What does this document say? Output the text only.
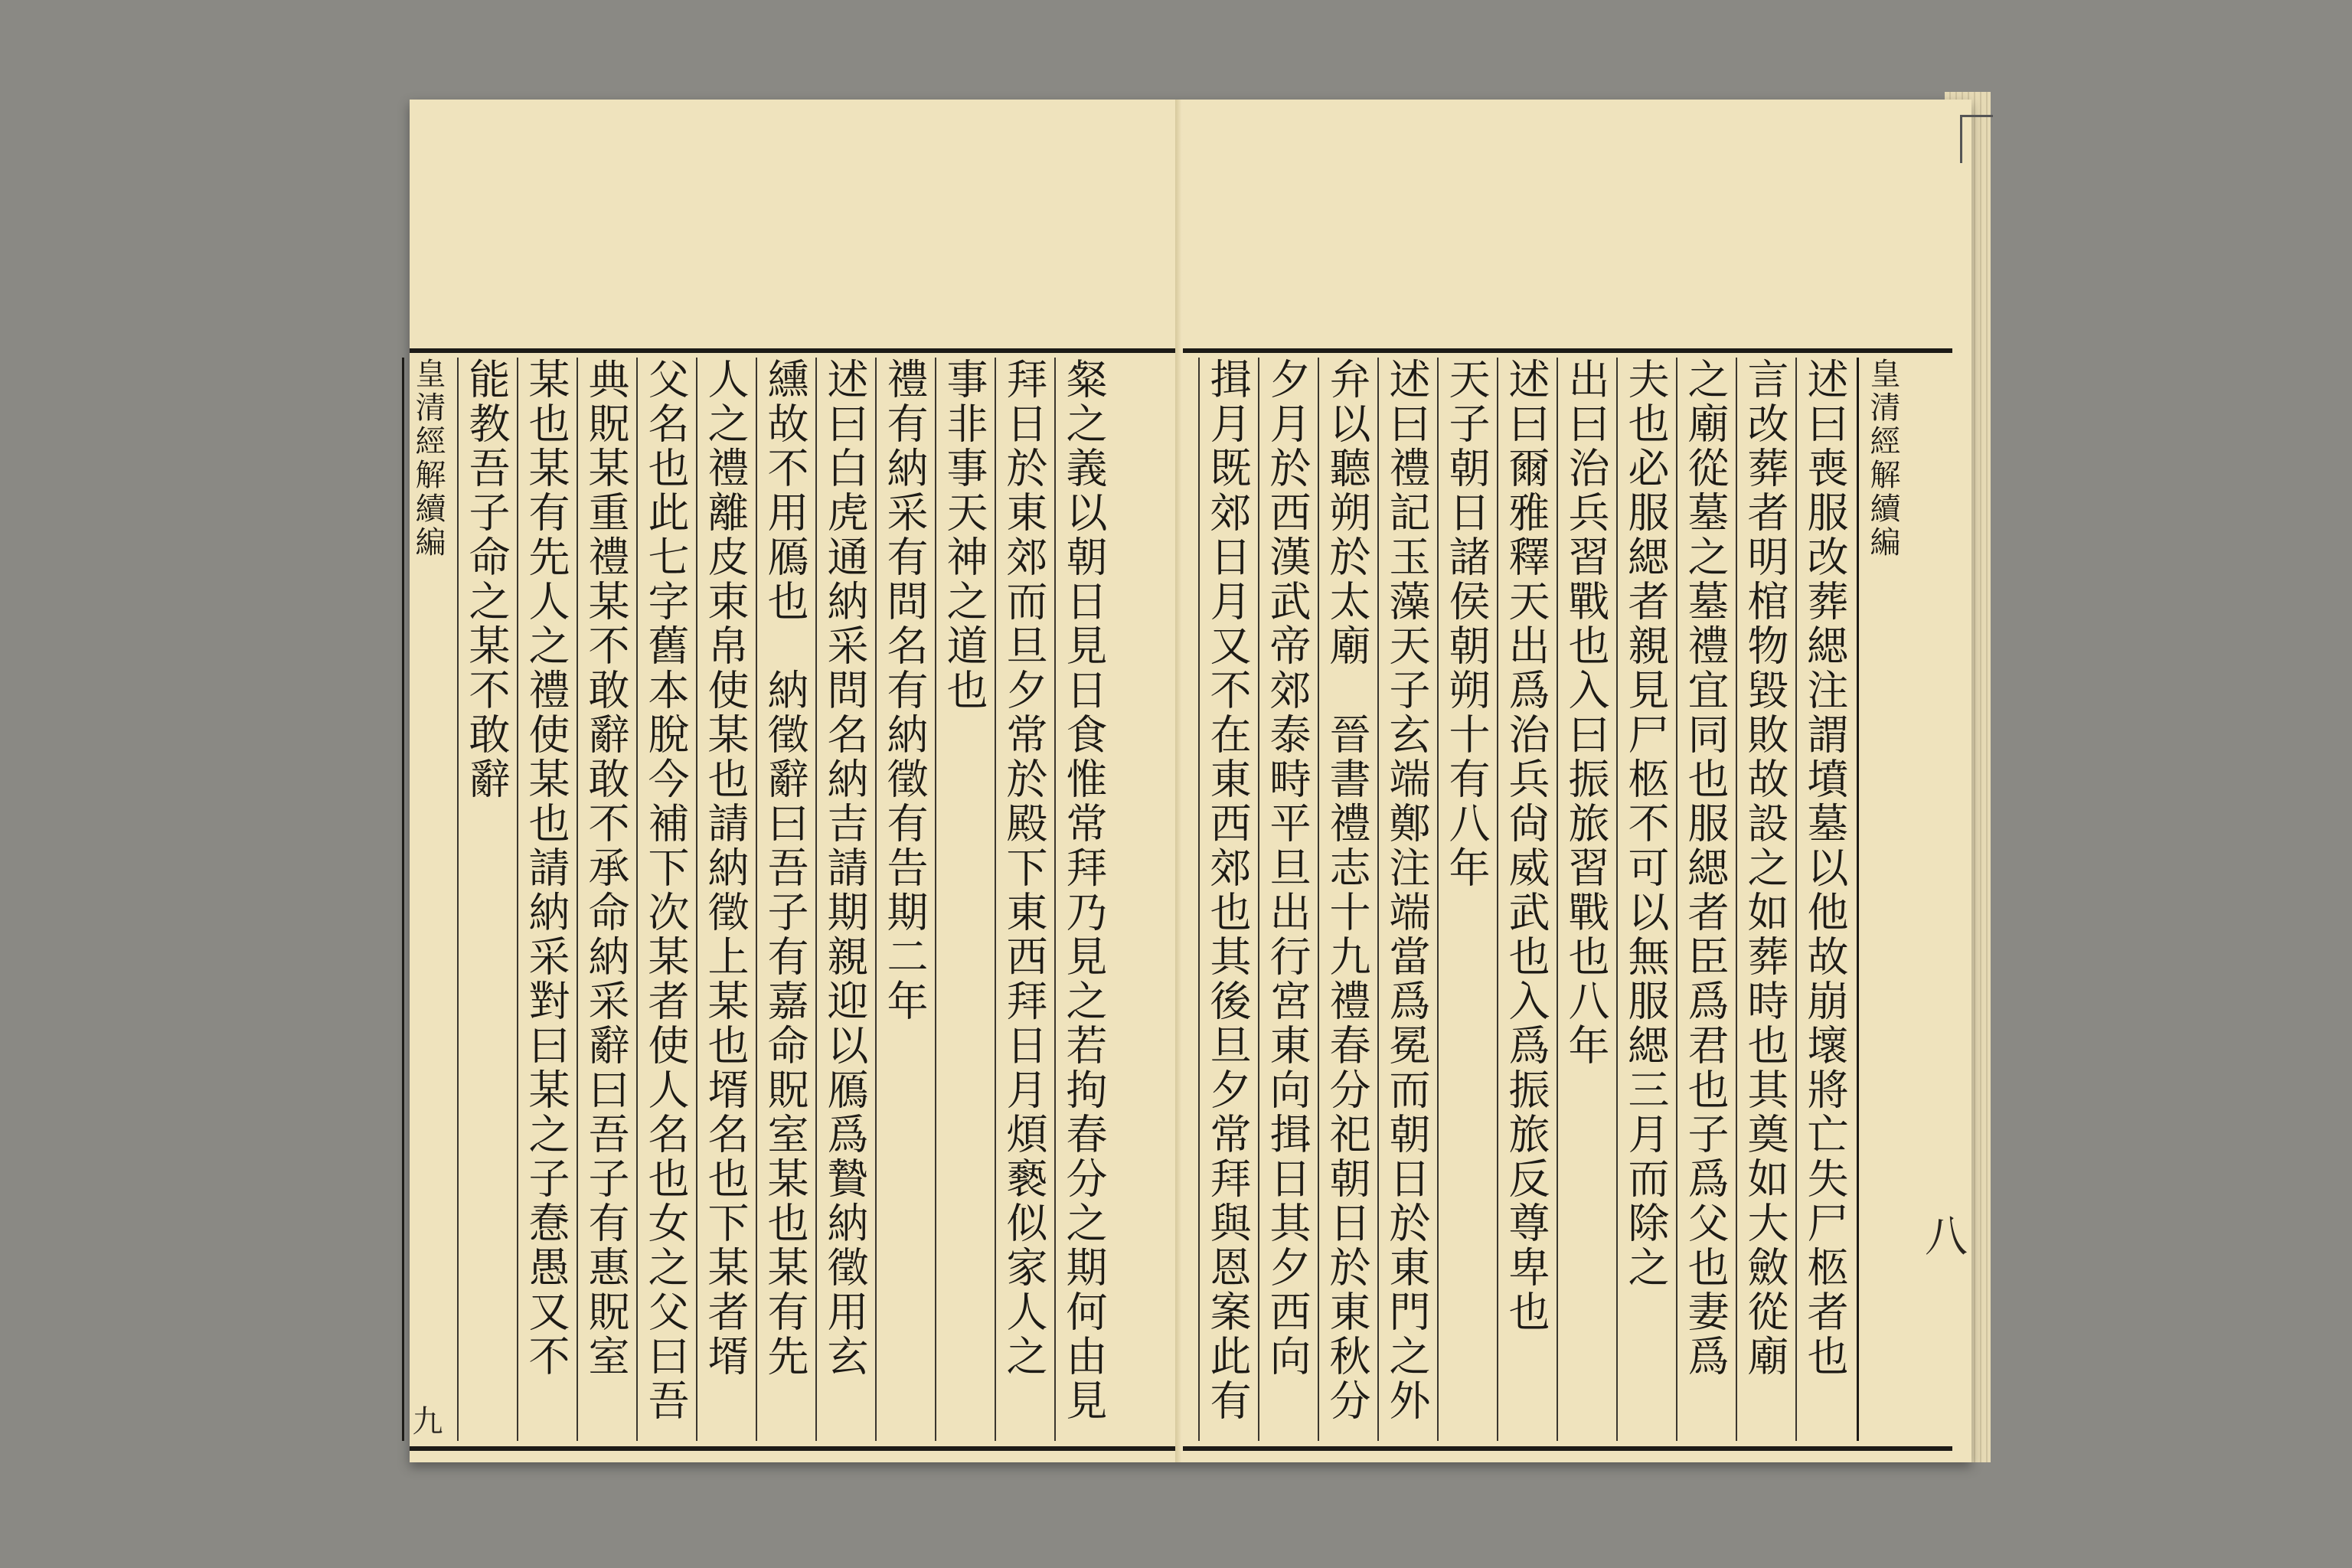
皇清經解續編 能教吾子命之某不敢辭 某也某有先人之禮使某也請納采對曰某之子惷愚又不 典貺某重禮某不敢辭敢不承命納采辭曰吾子有惠貺室 父名也此七字舊本脫今補下次某者使人名也女之父曰吾
人之禮離皮束帛使某也請納徵上某也壻名也下某者壻 纁故不用鴈也　納徵辭曰吾子有嘉命貺室某也某有先 述曰白虎通納采問名納吉請期親迎以鴈爲贄納徵用玄 禮有納采有問名有納徵有告期二年 事非事天神之道也 拜日於東郊而旦夕常於殿下東西拜日月煩褻似家人之 粲之義以朝日見日食惟常拜乃見之若拘春分之期何由見　
九
揖月既郊日月又不在東西郊也其後旦夕常拜與恩案此有
夕月於西漢武帝郊泰畤平旦出行宮東向揖日其夕西向 弁以聽朔於太廟　晉書禮志十九禮春分祀朝日於東秋分
述曰禮記玉藻天子玄端鄭注端當爲冕而朝日於東門之外
天子朝日諸侯朝朔十有八年 述曰爾雅釋天出爲治兵尙威武也入爲振旅反尊卑也 出曰治兵習戰也入曰振旅習戰也八年 夫也必服緦者親見尸柩不可以無服緦三月而除之 之廟從墓之墓禮宜同也服緦者臣爲君也子爲父也妻爲 言改葬者明棺物毀敗故設之如葬時也其奠如大斂從廟 述曰喪服改葬緦注謂墳墓以他故崩壞將亡失尸柩者也 皇清經解續編
八
